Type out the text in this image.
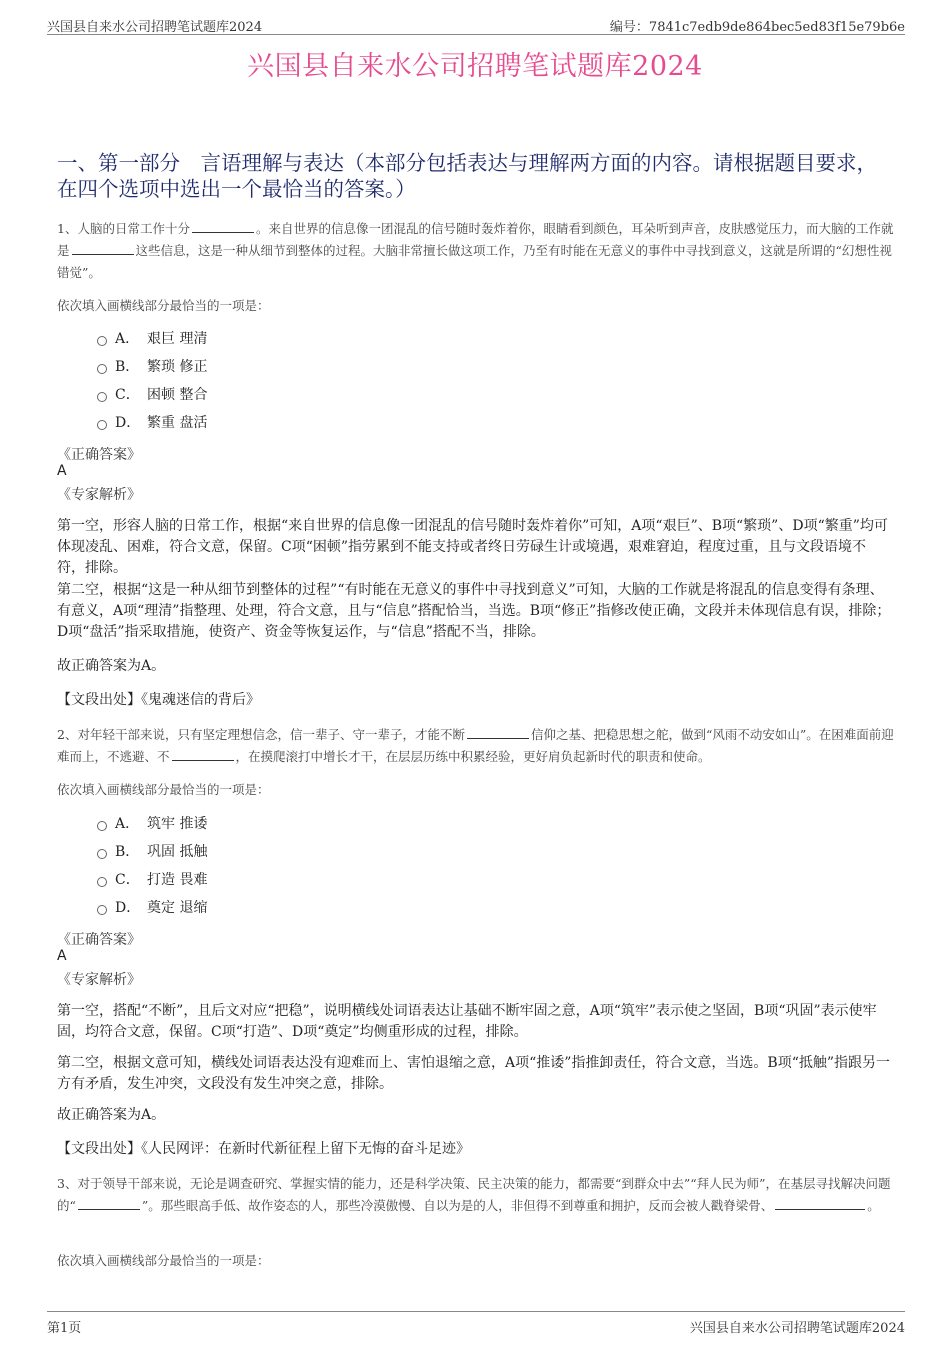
兴国县自来水公司招聘笔试题库2024	编号：7841c7edb9de864bec5ed83f15e79b6e
兴国县自来水公司招聘笔试题库2024
一、第一部分　言语理解与表达（本部分包括表达与理解两方面的内容。请根据题目要求，在四个选项中选出一个最恰当的答案。）
1、人脑的日常工作十分	。来自世界的信息像一团混乱的信号随时轰炸着你，眼睛看到颜色，耳朵听到声音，皮肤感觉压力，而大脑的工作就是	这些信息，这是一种从细节到整体的过程。大脑非常擅长做这项工作，乃至有时能在无意义的事件中寻找到意义，这就是所谓的“幻想性视错觉”。
依次填入画横线部分最恰当的一项是：
A． 艰巨 理清
B． 繁琐 修正
C． 困顿 整合
D． 繁重 盘活
《正确答案》
A
《专家解析》
第一空，形容人脑的日常工作，根据“来自世界的信息像一团混乱的信号随时轰炸着你”可知，A项“艰巨”、B项“繁琐”、D项“繁重”均可体现凌乱、困难，符合文意，保留。C项“困顿”指劳累到不能支持或者终日劳碌生计或境遇，艰难窘迫，程度过重，且与文段语境不符，排除。
第二空，根据“这是一种从细节到整体的过程”“有时能在无意义的事件中寻找到意义”可知，大脑的工作就是将混乱的信息变得有条理、有意义，A项“理清”指整理、处理，符合文意，且与“信息”搭配恰当，当选。B项“修正”指修改使正确，文段并未体现信息有误，排除；D项“盘活”指采取措施，使资产、资金等恢复运作，与“信息”搭配不当，排除。
故正确答案为A。
【文段出处】《鬼魂迷信的背后》
2、对年轻干部来说，只有坚定理想信念，信一辈子、守一辈子，才能不断	信仰之基、把稳思想之舵，做到“风雨不动安如山”。在困难面前迎难而上，不逃避、不	，在摸爬滚打中增长才干，在层层历练中积累经验，更好肩负起新时代的职责和使命。
依次填入画横线部分最恰当的一项是：
A． 筑牢 推诿
B． 巩固 抵触
C． 打造 畏难
D． 奠定 退缩
《正确答案》
A
《专家解析》
第一空，搭配“不断”，且后文对应“把稳”，说明横线处词语表达让基础不断牢固之意，A项“筑牢”表示使之坚固，B项“巩固”表示使牢固，均符合文意，保留。C项“打造”、D项“奠定”均侧重形成的过程，排除。
第二空，根据文意可知，横线处词语表达没有迎难而上、害怕退缩之意，A项“推诿”指推卸责任，符合文意，当选。B项“抵触”指跟另一方有矛盾，发生冲突，文段没有发生冲突之意，排除。
故正确答案为A。
【文段出处】《人民网评：在新时代新征程上留下无悔的奋斗足迹》
3、对于领导干部来说，无论是调查研究、掌握实情的能力，还是科学决策、民主决策的能力，都需要“到群众中去”“拜人民为师”，在基层寻找解决问题的“	”。那些眼高手低、故作姿态的人，那些冷漠傲慢、自以为是的人，非但得不到尊重和拥护，反而会被人戳脊梁骨、	。
依次填入画横线部分最恰当的一项是：
第1页	兴国县自来水公司招聘笔试题库2024
